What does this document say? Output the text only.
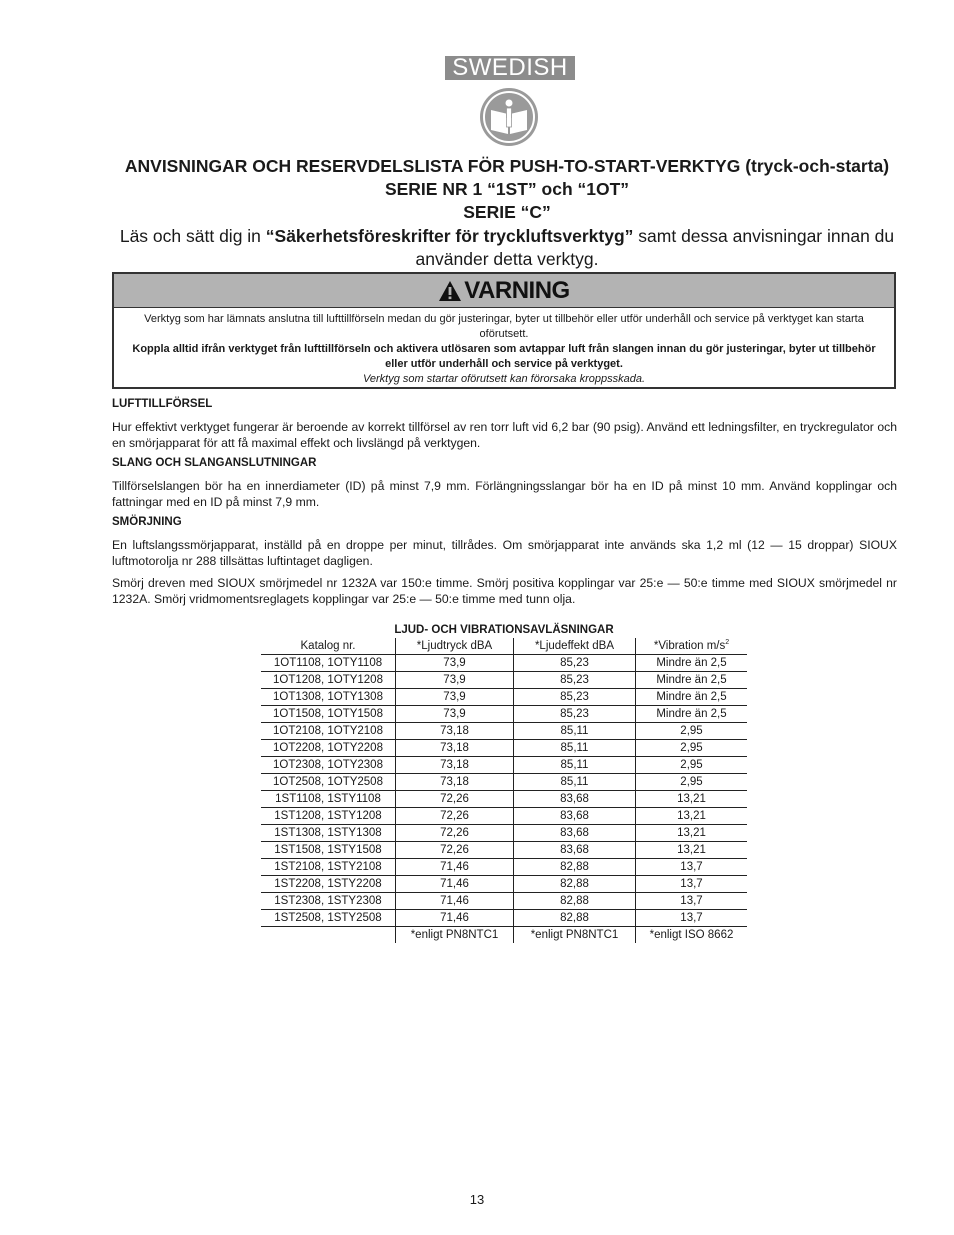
SWEDISH

ANVISNINGAR OCH RESERVDELSLISTA FÖR PUSH-TO-START-VERKTYG (tryck-och-starta) SERIE NR 1 “1ST” och “1OT”

SERIE “C”

Läs och sätt dig in “Säkerhetsföreskrifter för tryckluftsverktyg” samt dessa anvisningar innan du använder detta verktyg.

VARNING

Verktyg som har lämnats anslutna till lufttillförseln medan du gör justeringar, byter ut tillbehör eller utför underhåll och service på verktyget kan starta oförutsett.

Koppla alltid ifrån verktyget från lufttillförseln och aktivera utlösaren som avtappar luft från slangen innan du gör justeringar, byter ut tillbehör eller utför underhåll och service på verktyget.

Verktyg som startar oförutsett kan förorsaka kroppsskada.

LUFTTILLFÖRSEL

Hur effektivt verktyget fungerar är beroende av korrekt tillförsel av ren torr luft vid 6,2 bar (90 psig). Använd ett ledningsfilter, en tryckregulator och en smörjapparat för att få maximal effekt och livslängd på verktygen.

SLANG OCH SLANGANSLUTNINGAR

Tillförselslangen bör ha en innerdiameter (ID) på minst 7,9 mm. Förlängningsslangar bör ha en ID på minst 10 mm. Använd kopplingar och fattningar med en ID på minst 7,9 mm.

SMÖRJNING

En luftslangssmörjapparat, inställd på en droppe per minut, tillrådes. Om smörjapparat inte används ska 1,2 ml (12 — 15 droppar) SIOUX luftmotorolja nr 288 tillsättas luftintaget dagligen.

Smörj dreven med SIOUX smörjmedel nr 1232A var 150:e timme. Smörj positiva kopplingar var 25:e — 50:e timme med SIOUX smörjmedel nr 1232A. Smörj vridmomentsreglagets kopplingar var 25:e — 50:e timme med tunn olja.

LJUD- OCH VIBRATIONSAVLÄSNINGAR
Katalog nr.	*Ljudtryck dBA	*Ljudeffekt dBA	*Vibration $m/s^2$
1OT1108, 1OTY1108	73,9	85,23	Mindre än 2,5
1OT1208, 1OTY1208	73,9	85,23	Mindre än 2,5
1OT1308, 1OTY1308	73,9	85,23	Mindre än 2,5
1OT1508, 1OTY1508	73,9	85,23	Mindre än 2,5
1OT2108, 1OTY2108	73,18	85,11	2,95
1OT2208, 1OTY2208	73,18	85,11	2,95
1OT2308, 1OTY2308	73,18	85,11	2,95
1OT2508, 1OTY2508	73,18	85,11	2,95
1ST1108, 1STY1108	72,26	83,68	13,21
1ST1208, 1STY1208	72,26	83,68	13,21
1ST1308, 1STY1308	72,26	83,68	13,21
1ST1508, 1STY1508	72,26	83,68	13,21
1ST2108, 1STY2108	71,46	82,88	13,7
1ST2208, 1STY2208	71,46	82,88	13,7
1ST2308, 1STY2308	71,46	82,88	13,7
1ST2508, 1STY2508	71,46	82,88	13,7
	*enligt PN8NTC1	*enligt PN8NTC1	*enligt ISO 8662
13
